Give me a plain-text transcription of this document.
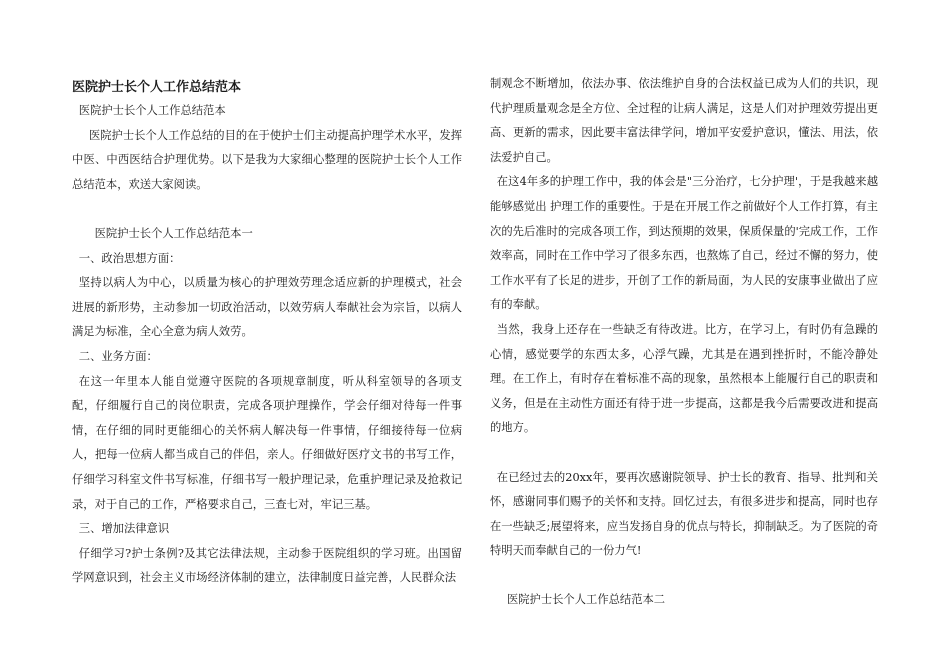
医院护士长个人工作总结范本

医院护士长个人工作总结范本

医院护士长个人工作总结的目的在于使护士们主动提高护理学术水平，发挥中医、中西医结合护理优势。以下是我为大家细心整理的医院护士长个人工作总结范本，欢送大家阅读。

医院护士长个人工作总结范本一

一、政治思想方面：

坚持以病人为中心，以质量为核心的护理效劳理念适应新的护理模式，社会进展的新形势，主动参加一切政治活动，以效劳病人奉献社会为宗旨，以病人满足为标准，全心全意为病人效劳。

二、业务方面：

在这一年里本人能自觉遵守医院的各项规章制度，听从科室领导的各项支配，仔细履行自己的岗位职责，完成各项护理操作，学会仔细对待每一件事情，在仔细的同时更能细心的关怀病人解决每一件事情，仔细接待每一位病人，把每一位病人都当成自己的伴侣，亲人。仔细做好医疗文书的书写工作，仔细学习科室文件书写标准，仔细书写一般护理记录，危重护理记录及抢救记录，对于自己的工作，严格要求自己，三查七对，牢记三基。

三、增加法律意识

仔细学习?护士条例?及其它法律法规，主动参于医院组织的学习班。出国留学网意识到，社会主义市场经济体制的建立，法律制度日益完善，人民群众法

制观念不断增加，依法办事、依法维护自身的合法权益已成为人们的共识，现代护理质量观念是全方位、全过程的让病人满足，这是人们对护理效劳提出更高、更新的需求，因此要丰富法律学问，增加平安爱护意识，懂法、用法，依法爱护自己。

在这4年多的护理工作中，我的体会是"三分治疗，七分护理'，于是我越来越能够感觉出 护理工作的重要性。于是在开展工作之前做好个人工作打算，有主次的先后准时的完成各项工作，到达预期的效果，保质保量的'完成工作，工作效率高，同时在工作中学习了很多东西，也熬炼了自己，经过不懈的努力，使工作水平有了长足的进步，开创了工作的新局面，为人民的安康事业做出了应有的奉献。

当然，我身上还存在一些缺乏有待改进。比方，在学习上，有时仍有急躁的心情，感觉要学的东西太多，心浮气躁，尤其是在遇到挫折时，不能冷静处理。在工作上，有时存在着标准不高的现象，虽然根本上能履行自己的职责和义务，但是在主动性方面还有待于进一步提高，这都是我今后需要改进和提高的地方。

在已经过去的20xx年，要再次感谢院领导、护士长的教育、指导、批判和关怀，感谢同事们赐予的关怀和支持。回忆过去，有很多进步和提高，同时也存在一些缺乏;展望将来，应当发扬自身的优点与特长，抑制缺乏。为了医院的奇特明天而奉献自己的一份力气!

医院护士长个人工作总结范本二
